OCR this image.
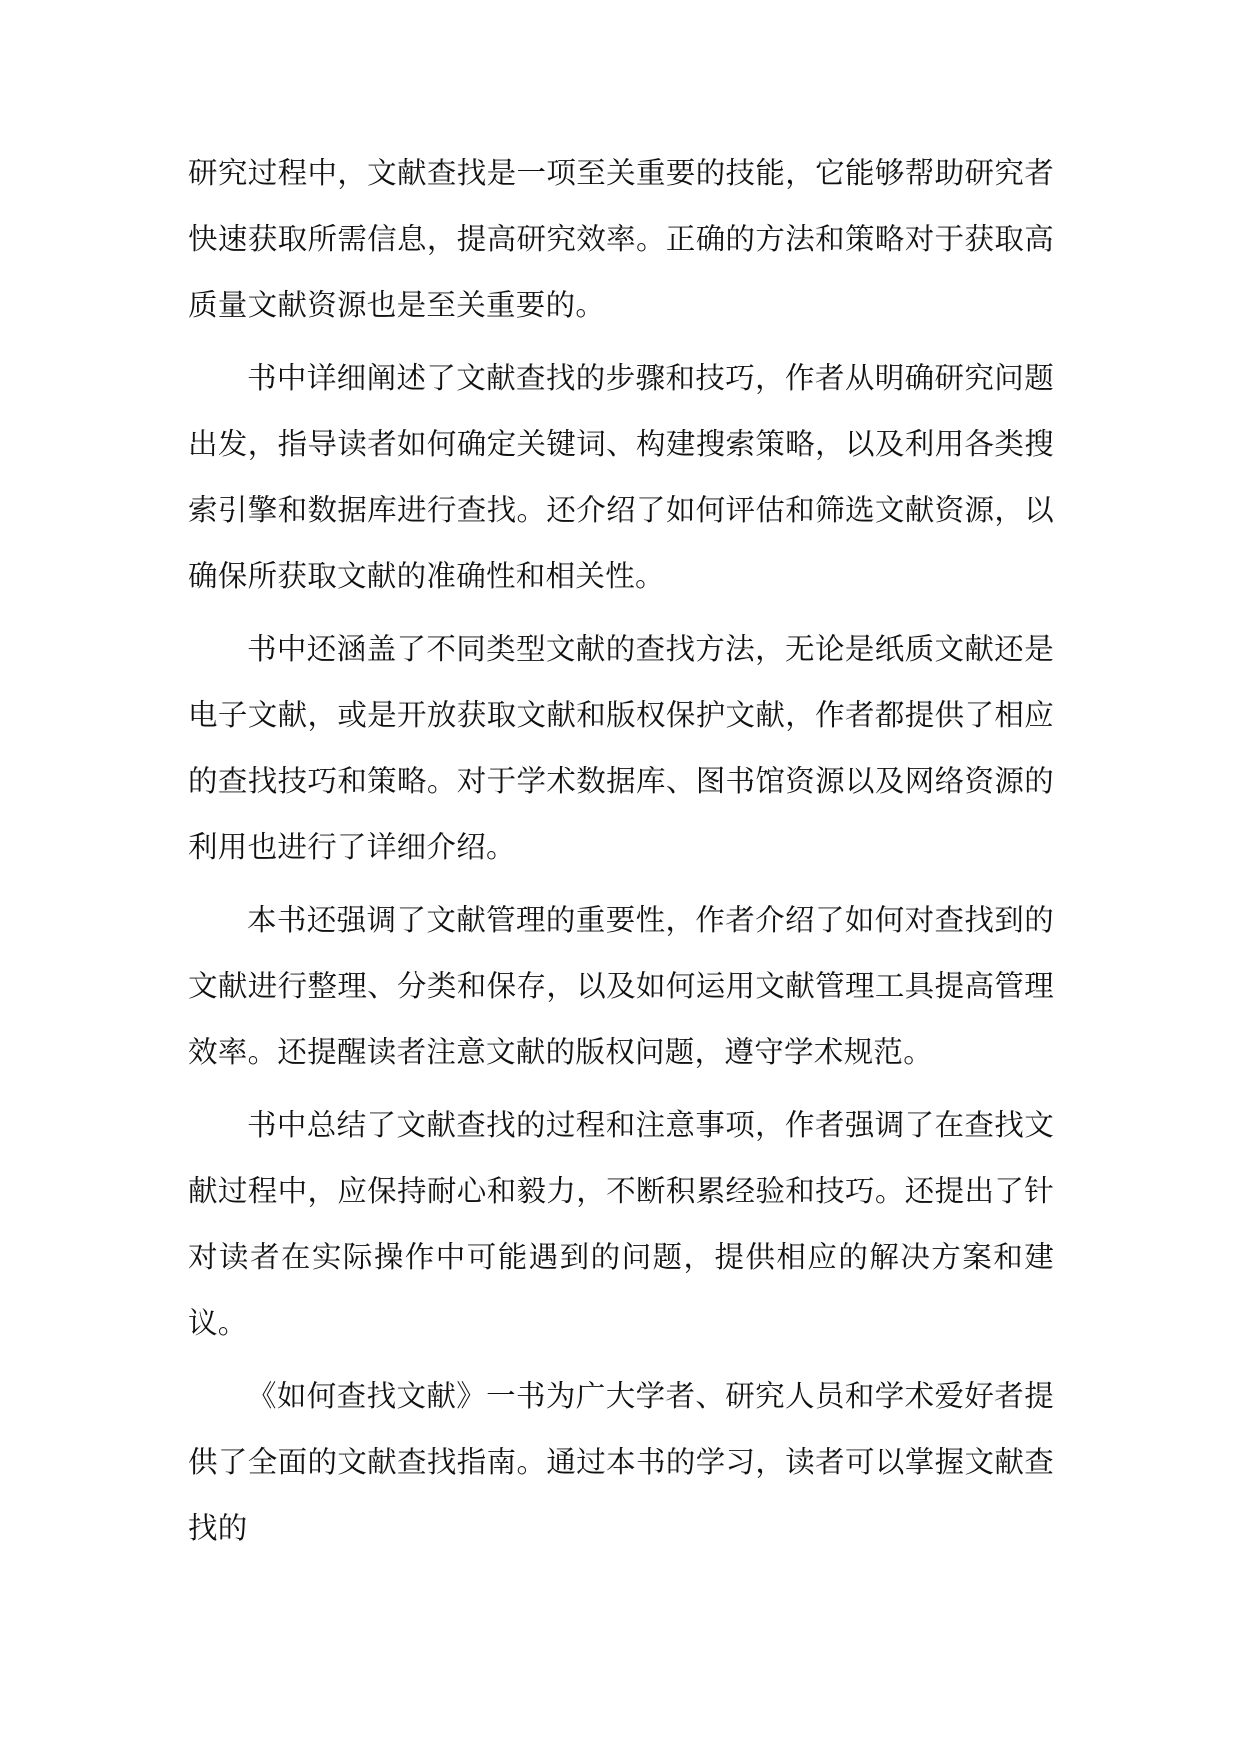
研究过程中，文献查找是一项至关重要的技能，它能够帮助研究者快速获取所需信息，提高研究效率。正确的方法和策略对于获取高质量文献资源也是至关重要的。

书中详细阐述了文献查找的步骤和技巧，作者从明确研究问题出发，指导读者如何确定关键词、构建搜索策略，以及利用各类搜索引擎和数据库进行查找。还介绍了如何评估和筛选文献资源，以确保所获取文献的准确性和相关性。

书中还涵盖了不同类型文献的查找方法，无论是纸质文献还是电子文献，或是开放获取文献和版权保护文献，作者都提供了相应的查找技巧和策略。对于学术数据库、图书馆资源以及网络资源的利用也进行了详细介绍。

本书还强调了文献管理的重要性，作者介绍了如何对查找到的文献进行整理、分类和保存，以及如何运用文献管理工具提高管理效率。还提醒读者注意文献的版权问题，遵守学术规范。

书中总结了文献查找的过程和注意事项，作者强调了在查找文献过程中，应保持耐心和毅力，不断积累经验和技巧。还提出了针对读者在实际操作中可能遇到的问题，提供相应的解决方案和建议。

《如何查找文献》一书为广大学者、研究人员和学术爱好者提供了全面的文献查找指南。通过本书的学习，读者可以掌握文献查找的
